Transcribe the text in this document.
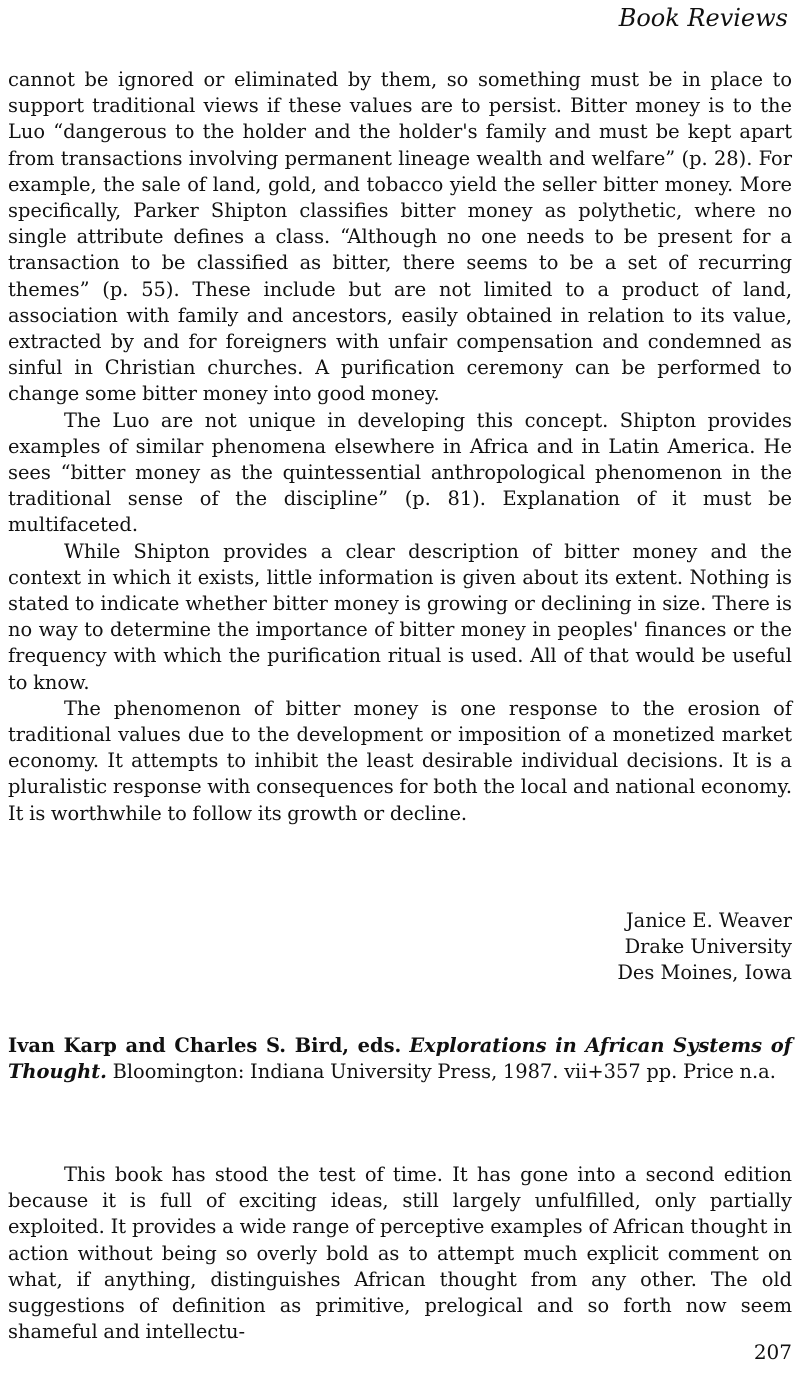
Book Reviews

cannot be ignored or eliminated by them, so something must be in place to support traditional views if these values are to persist. Bitter money is to the Luo “dangerous to the holder and the holder's family and must be kept apart from transactions involving permanent lineage wealth and welfare” (p. 28). For example, the sale of land, gold, and tobacco yield the seller bitter money. More specifically, Parker Shipton classifies bitter money as polythetic, where no single attribute defines a class. “Although no one needs to be present for a transaction to be classified as bitter, there seems to be a set of recurring themes” (p. 55). These include but are not limited to a product of land, association with family and ancestors, easily obtained in relation to its value, extracted by and for foreigners with unfair compensation and condemned as sinful in Christian churches. A purification ceremony can be performed to change some bitter money into good money.

The Luo are not unique in developing this concept. Shipton provides examples of similar phenomena elsewhere in Africa and in Latin America. He sees “bitter money as the quintessential anthropological phenomenon in the traditional sense of the discipline” (p. 81). Explanation of it must be multifaceted.

While Shipton provides a clear description of bitter money and the context in which it exists, little information is given about its extent. Nothing is stated to indicate whether bitter money is growing or declining in size. There is no way to determine the importance of bitter money in peoples' finances or the frequency with which the purification ritual is used. All of that would be useful to know.

The phenomenon of bitter money is one response to the erosion of traditional values due to the development or imposition of a monetized market economy. It attempts to inhibit the least desirable individual decisions. It is a pluralistic response with consequences for both the local and national economy. It is worthwhile to follow its growth or decline.

Janice E. Weaver
Drake University
Des Moines, Iowa
Ivan Karp and Charles S. Bird, eds. Explorations in African Systems of Thought. Bloomington: Indiana University Press, 1987. vii+357 pp. Price n.a.

This book has stood the test of time. It has gone into a second edition because it is full of exciting ideas, still largely unfulfilled, only partially exploited. It provides a wide range of perceptive examples of African thought in action without being so overly bold as to attempt much explicit comment on what, if anything, distinguishes African thought from any other. The old suggestions of definition as primitive, prelogical and so forth now seem shameful and intellectu-

207
